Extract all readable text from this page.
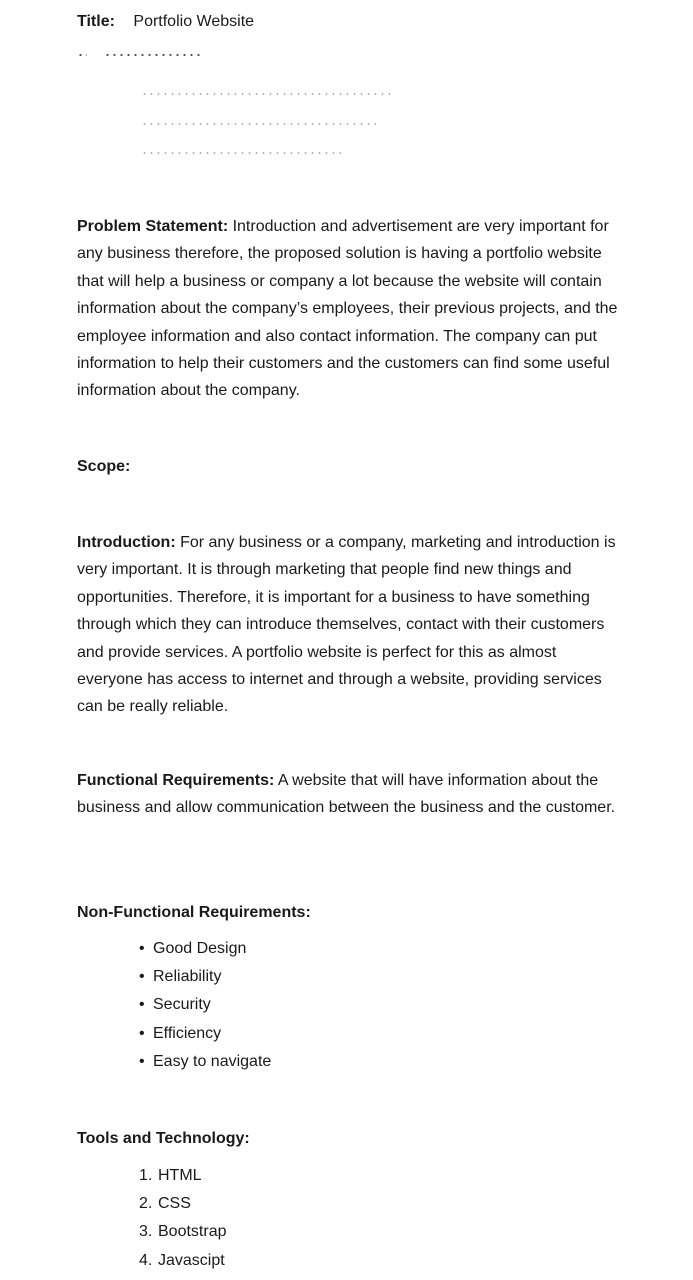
Title: Portfolio Website
Problem Statement: Introduction and advertisement are very important for any business therefore, the proposed solution is having a portfolio website that will help a business or company a lot because the website will contain information about the company’s employees, their previous projects, and the employee information and also contact information. The company can put information to help their customers and the customers can find some useful information about the company.
Scope:
Introduction: For any business or a company, marketing and introduction is very important. It is through marketing that people find new things and opportunities. Therefore, it is important for a business to have something through which they can introduce themselves, contact with their customers and provide services. A portfolio website is perfect for this as almost everyone has access to internet and through a website, providing services can be really reliable.
Functional Requirements: A website that will have information about the business and allow communication between the business and the customer.
Non-Functional Requirements:
• Good Design
• Reliability
• Security
• Efficiency
• Easy to navigate
Tools and Technology:
1. HTML
2. CSS
3. Bootstrap
4. Javascipt
